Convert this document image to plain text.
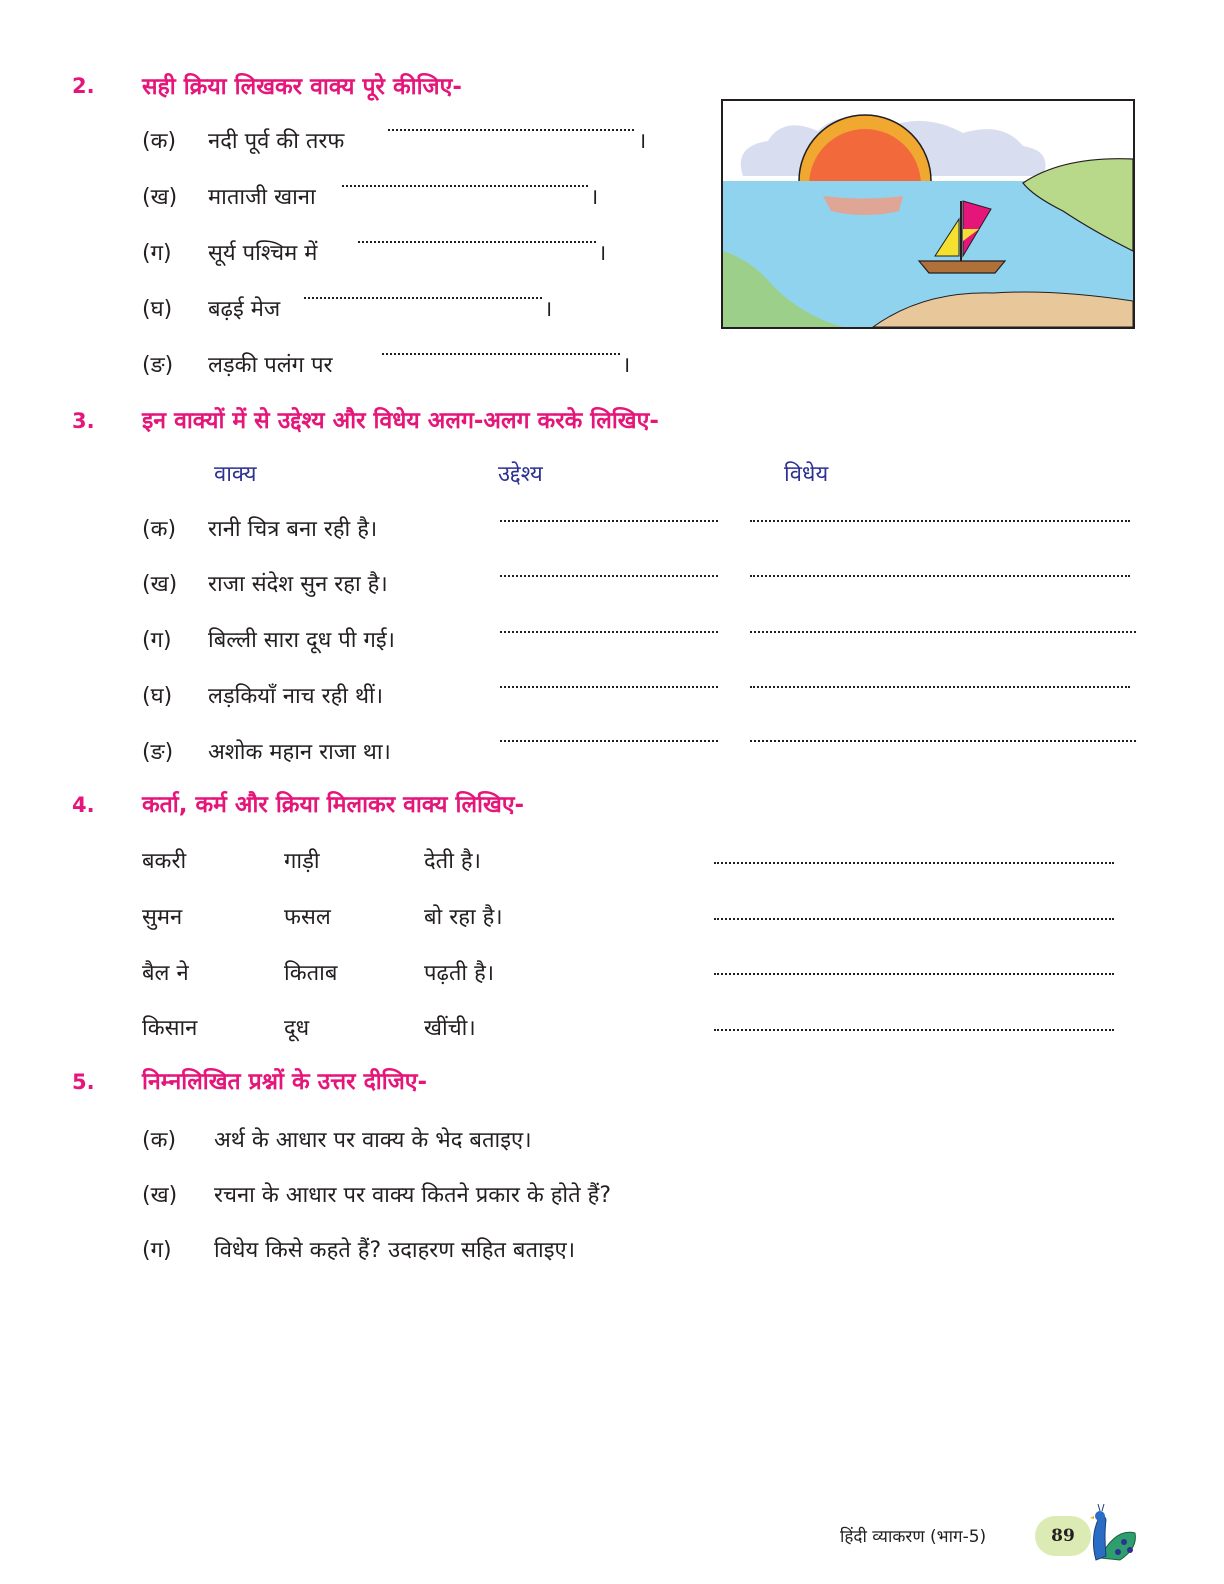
2. सही क्रिया लिखकर वाक्य पूरे कीजिए-
(क) नदी पूर्व की तरफ	।
(ख) माताजी खाना	।
(ग) सूर्य पश्चिम में	।
(घ) बढ़ई मेज	।
(ङ) लड़की पलंग पर	।
3. इन वाक्यों में से उद्देश्य और विधेय अलग-अलग करके लिखिए-
वाक्य	उद्देश्य	विधेय
(क) रानी चित्र बना रही है।
(ख) राजा संदेश सुन रहा है।
(ग) बिल्ली सारा दूध पी गई।
(घ) लड़कियाँ नाच रही थीं।
(ङ) अशोक महान राजा था।
4. कर्ता, कर्म और क्रिया मिलाकर वाक्य लिखिए-
बकरी	गाड़ी	देती है।
सुमन	फसल	बो रहा है।
बैल ने	किताब	पढ़ती है।
किसान	दूध	खींची।
5. निम्नलिखित प्रश्नों के उत्तर दीजिए-
(क) अर्थ के आधार पर वाक्य के भेद बताइए।
(ख) रचना के आधार पर वाक्य कितने प्रकार के होते हैं?
(ग) विधेय किसे कहते हैं? उदाहरण सहित बताइए।
हिंदी व्याकरण (भाग-5)	89
